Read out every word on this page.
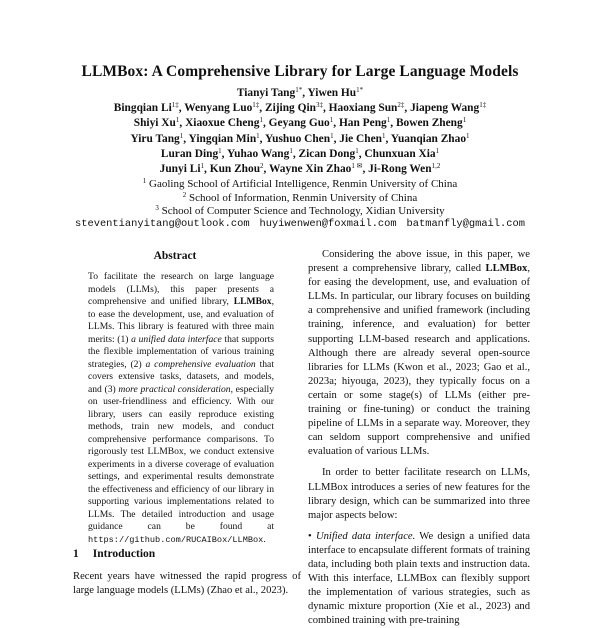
LLMBox: A Comprehensive Library for Large Language Models
Tianyi Tang$^{1*}$, Yiwen $Hu^{1*}$
Bingqian $Li^{1\ddagger}$, Wenyang Luo$^{1\ddagger}$, Zijing Qin$^{3\ddagger}$, Haoxiang Sun$^{2\ddagger}$, Jiapeng Wang$^{1\ddagger}$
Shiyi Xu$^1$, Xiaoxue Cheng$^1$, Geyang Guo$^1$, Han Peng$^1$, Bowen Zheng$^1$
Yiru Tang$^1$, Yingqian Min$^1$, Yushuo Chen$^1$, Jie Chen$^1$, Yuanqian Zhao$^1$
Luran Ding$^1$, Yuhao Wang$^1$, Zican Dong$^1$, Chunxuan Xia$^1$
Junyi Li$^1$, Kun Zhou$^2$, Wayne Xin Zhao$^{1 ✉}$, Ji-Rong Wen$^{1,2}$
$^1$ Gaoling School of Artificial Intelligence, Renmin University of China
$^2$ School of Information, Renmin University of China
$^3$ School of Computer Science and Technology, Xidian University
steventianyitang@outlook.com huyiwenwen@foxmail.com batmanfly@gmail.com
Abstract
To facilitate the research on large language models (LLMs), this paper presents a comprehensive and unified library, LLMBox, to ease the development, use, and evaluation of LLMs. This library is featured with three main merits: (1) a unified data interface that supports the flexible implementation of various training strategies, (2) a comprehensive evaluation that covers extensive tasks, datasets, and models, and (3) more practical consideration, especially on user-friendliness and efficiency. With our library, users can easily reproduce existing methods, train new models, and conduct comprehensive performance comparisons. To rigorously test LLMBox, we conduct extensive experiments in a diverse coverage of evaluation settings, and experimental results demonstrate the effectiveness and efficiency of our library in supporting various implementations related to LLMs. The detailed introduction and usage guidance can be found at https://github.com/RUCAIBox/LLMBox.
1 Introduction
Recent years have witnessed the rapid progress of large language models (LLMs) (Zhao et al., 2023).

Considering the above issue, in this paper, we present a comprehensive library, called LLMBox, for easing the development, use, and evaluation of LLMs. In particular, our library focuses on building a comprehensive and unified framework (including training, inference, and evaluation) for better supporting LLM-based research and applications. Although there are already several open-source libraries for LLMs (Kwon et al., 2023; Gao et al., 2023a; hiyouga, 2023), they typically focus on a certain or some stage(s) of LLMs (either pre-training or fine-tuning) or conduct the training pipeline of LLMs in a separate way. Moreover, they can seldom support comprehensive and unified evaluation of various LLMs.

In order to better facilitate research on LLMs, LLMBox introduces a series of new features for the library design, which can be summarized into three major aspects below:

• Unified data interface. We design a unified data interface to encapsulate different formats of training data, including both plain texts and instruction data. With this interface, LLMBox can flexibly support the implementation of various strategies, such as dynamic mixture proportion (Xie et al., 2023) and combined training with pre-training
